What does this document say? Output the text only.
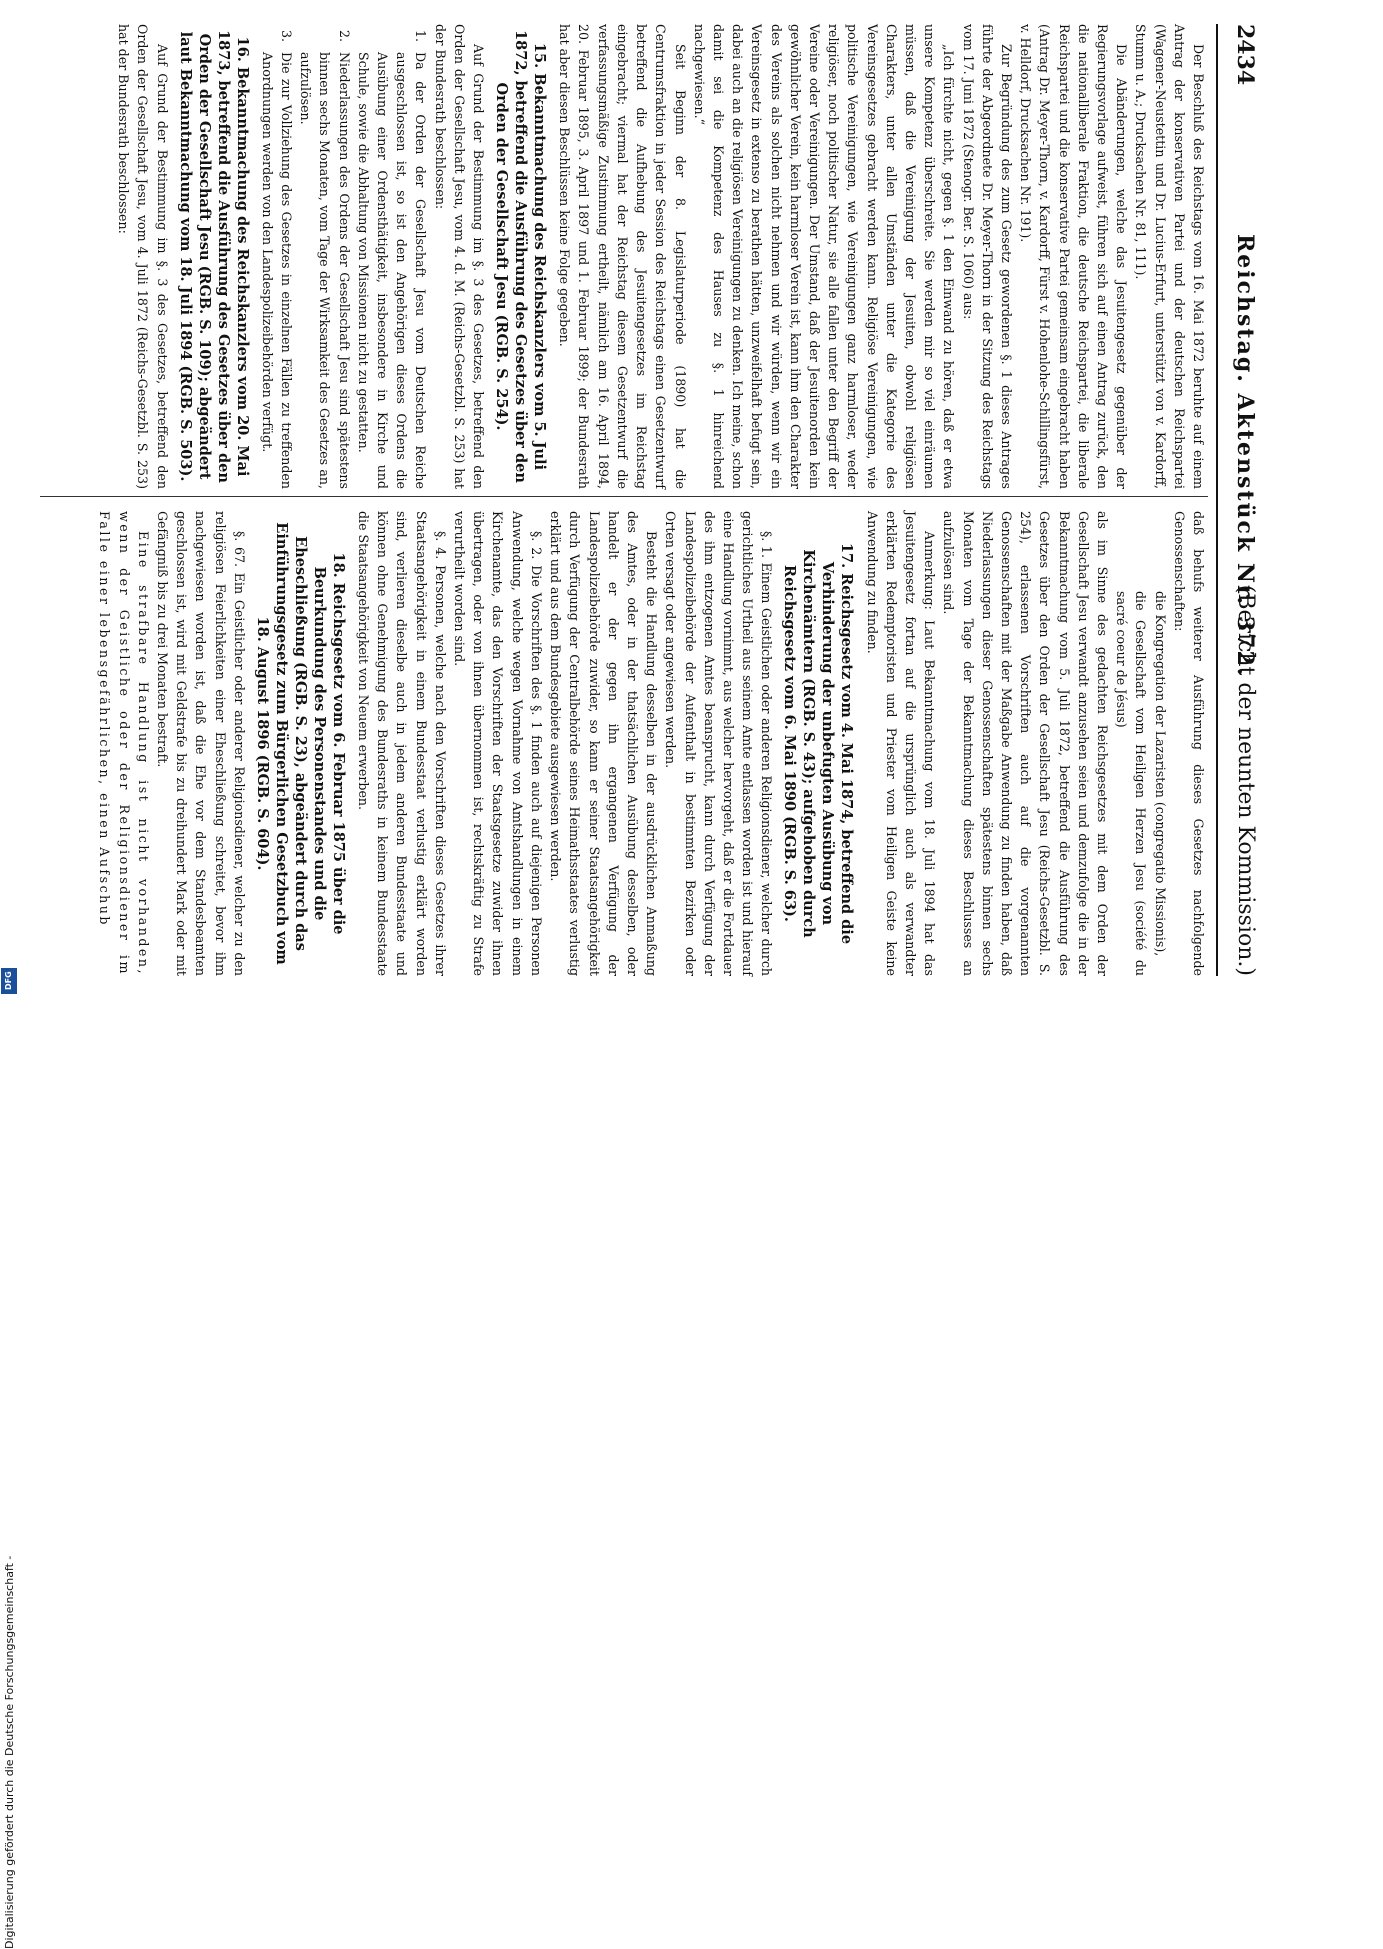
2434
Reichstag. Aktenstück Nr. 372.
(Bericht der neunten Kommission.)

Der Beschluß des Reichstags vom 16. Mai 1872 beruhte auf einem Antrag der konservativen Partei und der deutschen Reichspartei (Wagener-Neustettin und Dr. Lucius-Erfurt, unterstützt von v. Kardorff, Stumm u. A.; Drucksachen Nr. 81, 111).

Die Abänderungen, welche das Jesuitengesetz gegenüber der Regierungsvorlage aufweist, führen sich auf einen Antrag zurück, den die nationalliberale Fraktion, die deutsche Reichspartei, die liberale Reichspartei und die konservative Partei gemeinsam eingebracht haben (Antrag Dr. Meyer-Thorn, v. Kardorff, Fürst v. Hohenlohe-Schillingsfürst, v. Helldorf, Drucksachen Nr. 191).

Zur Begründung des zum Gesetz gewordenen §. 1 dieses Antrages führte der Abgeordnete Dr. Meyer-Thorn in der Sitzung des Reichstags vom 17. Juni 1872 (Stenogr. Ber. S. 1060) aus:

„Ich fürchte nicht, gegen §. 1 den Einwand zu hören, daß er etwa unsere Kompetenz überschreite. Sie werden mir so viel einräumen müssen, daß die Vereinigung der Jesuiten, obwohl religiösen Charakters, unter allen Umständen unter die Kategorie des Vereinsgesetzes gebracht werden kann. Religiöse Vereinigungen, wie politische Vereinigungen, wie Vereinigungen ganz harmloser, weder religiöser, noch politischer Natur, sie alle fallen unter den Begriff der Vereine oder Vereinigungen. Der Umstand, daß der Jesuitenorden kein gewöhnlicher Verein, kein harmloser Verein ist, kann ihm den Charakter des Vereins als solchen nicht nehmen und wir würden, wenn wir ein Vereinsgesetz in extenso zu berathen hätten, unzweifelhaft befugt sein, dabei auch an die religiösen Vereinigungen zu denken. Ich meine, schon damit sei die Kompetenz des Hauses zu §. 1 hinreichend nachgewiesen.“

Seit Beginn der 8. Legislaturperiode (1890) hat die Centrumsfraktion in jeder Session des Reichstags einen Gesetzentwurf betreffend die Aufhebung des Jesuitengesetzes im Reichstag eingebracht; viermal hat der Reichstag diesem Gesetzentwurf die verfassungsmäßige Zustimmung ertheilt, nämlich am 16. April 1894, 20. Februar 1895, 3. April 1897 und 1. Februar 1899; der Bundesrath hat aber diesen Beschlüssen keine Folge gegeben.

15. Bekanntmachung des Reichskanzlers vom 5. Juli 1872, betreffend die Ausführung des Gesetzes über den Orden der Gesellschaft Jesu (RGB. S. 254).

Auf Grund der Bestimmung im §. 3 des Gesetzes, betreffend den Orden der Gesellschaft Jesu, vom 4. d. M. (Reichs-Gesetzbl. S. 253) hat der Bundesrath beschlossen:

1.
Da der Orden der Gesellschaft Jesu vom Deutschen Reiche ausgeschlossen ist, so ist den Angehörigen dieses Ordens die Ausübung einer Ordensthätigkeit, insbesondere in Kirche und Schule, sowie die Abhaltung von Missionen nicht zu gestatten.

2.
Niederlassungen des Ordens der Gesellschaft Jesu sind spätestens binnen sechs Monaten, vom Tage der Wirksamkeit des Gesetzes an, aufzulösen.

3.
Die zur Vollziehung des Gesetzes in einzelnen Fällen zu treffenden Anordnungen werden von den Landespolizeibehörden verfügt.

16. Bekanntmachung des Reichskanzlers vom 20. Mai 1873, betreffend die Ausführung des Gesetzes über den Orden der Gesellschaft Jesu (RGB. S. 109); abgeändert laut Bekanntmachung vom 18. Juli 1894 (RGB. S. 503).

Auf Grund der Bestimmung im §. 3 des Gesetzes, betreffend den Orden der Gesellschaft Jesu, vom 4. Juli 1872 (Reichs-Gesetzbl. S. 253) hat der Bundesrath beschlossen:

daß behufs weiterer Ausführung dieses Gesetzes nachfolgende Genossenschaften:

die Kongregation der Lazaristen (congregatio Missionis),

die Gesellschaft vom Heiligen Herzen Jesu (société du sacré coeur de Jésus)

als im Sinne des gedachten Reichsgesetzes mit dem Orden der Gesellschaft Jesu verwandt anzusehen seien und demzufolge die in der Bekanntmachung vom 5. Juli 1872, betreffend die Ausführung des Gesetzes über den Orden der Gesellschaft Jesu (Reichs-Gesetzbl. S. 254), erlassenen Vorschriften auch auf die vorgenannten Genossenschaften mit der Maßgabe Anwendung zu finden haben, daß Niederlassungen dieser Genossenschaften spätestens binnen sechs Monaten vom Tage der Bekanntmachung dieses Beschlusses an aufzulösen sind.

Anmerkung: Laut Bekanntmachung vom 18. Juli 1894 hat das Jesuitengesetz fortan auf die ursprünglich auch als verwandter erklärten Redemptoristen und Priester vom Heiligen Geiste keine Anwendung zu finden.

17. Reichsgesetz vom 4. Mai 1874, betreffend die Verhinderung der unbefugten Ausübung von Kirchenämtern (RGB. S. 43); aufgehoben durch Reichsgesetz vom 6. Mai 1890 (RGB. S. 63).

§. 1. Einem Geistlichen oder anderen Religionsdiener, welcher durch gerichtliches Urtheil aus seinem Amte entlassen worden ist und hierauf eine Handlung vornimmt, aus welcher hervorgeht, daß er die Fortdauer des ihm entzogenen Amtes beansprucht, kann durch Verfügung der Landespolizeibehörde der Aufenthalt in bestimmten Bezirken oder Orten versagt oder angewiesen werden.

Besteht die Handlung desselben in der ausdrücklichen Anmaßung des Amtes, oder in der thatsächlichen Ausübung desselben, oder handelt er der gegen ihn ergangenen Verfügung der Landespolizeibehörde zuwider, so kann er seiner Staatsangehörigkeit durch Verfügung der Centralbehörde seines Heimathsstaates verlustig erklärt und aus dem Bundesgebiete ausgewiesen werden.

§. 2. Die Vorschriften des §. 1 finden auch auf diejenigen Personen Anwendung, welche wegen Vornahme von Amtshandlungen in einem Kirchenamte, das den Vorschriften der Staatsgesetze zuwider ihnen übertragen, oder von ihnen übernommen ist, rechtskräftig zu Strafe verurtheilt worden sind.

§. 4. Personen, welche nach den Vorschriften dieses Gesetzes ihrer Staatsangehörigkeit in einem Bundesstaat verlustig erklärt worden sind, verlieren dieselbe auch in jedem anderen Bundesstaate und können ohne Genehmigung des Bundesraths in keinem Bundesstaate die Staatsangehörigkeit von Neuem erwerben.

18. Reichsgesetz vom 6. Februar 1875 über die Beurkundung des Personenstandes und die Eheschließung (RGB. S. 23), abgeändert durch das Einführungsgesetz zum Bürgerlichen Gesetzbuch vom 18. August 1896 (RGB. S. 604).

§. 67. Ein Geistlicher oder anderer Religionsdiener, welcher zu den religiösen Feierlichkeiten einer Eheschließung schreitet, bevor ihm nachgewiesen worden ist, daß die Ehe vor dem Standesbeamten geschlossen ist, wird mit Geldstrafe bis zu dreihundert Mark oder mit Gefängniß bis zu drei Monaten bestraft.

Eine strafbare Handlung ist nicht vorhanden, wenn der Geistliche oder der Religionsdiener im Falle einer lebensgefährlichen, einen Aufschub

Digitalisierung gefördert durch die Deutsche Forschungsgemeinschaft -
DFG
